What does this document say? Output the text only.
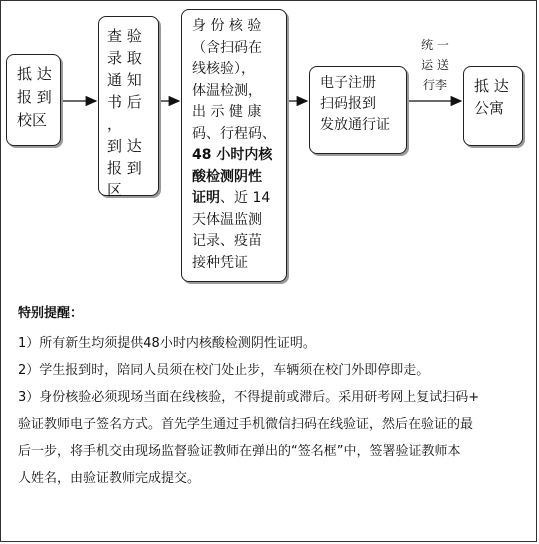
抵 达
报 到
校区
查 验
录 取
通 知
书 后 ，
到 达
报 到
区
身 份 核 验
（含扫码在
线核验），
体温检测，
出 示 健 康
码、行程码、
48 小时内核
酸检测阴性
证明、近 14
天体温监测
记录、疫苗
接种凭证
电子注册
扫码报到
发放通行证
统 一
运 送
行李	抵 达
公寓
特别提醒：

1）所有新生均须提供48小时内核酸检测阴性证明。

2）学生报到时，陪同人员须在校门处止步，车辆须在校门外即停即走。

3）身份核验必须现场当面在线核验，不得提前或滞后。采用研考网上复试扫码+

验证教师电子签名方式。首先学生通过手机微信扫码在线验证，然后在验证的最

后一步，将手机交由现场监督验证教师在弹出的“签名框”中，签署验证教师本

人姓名，由验证教师完成提交。
